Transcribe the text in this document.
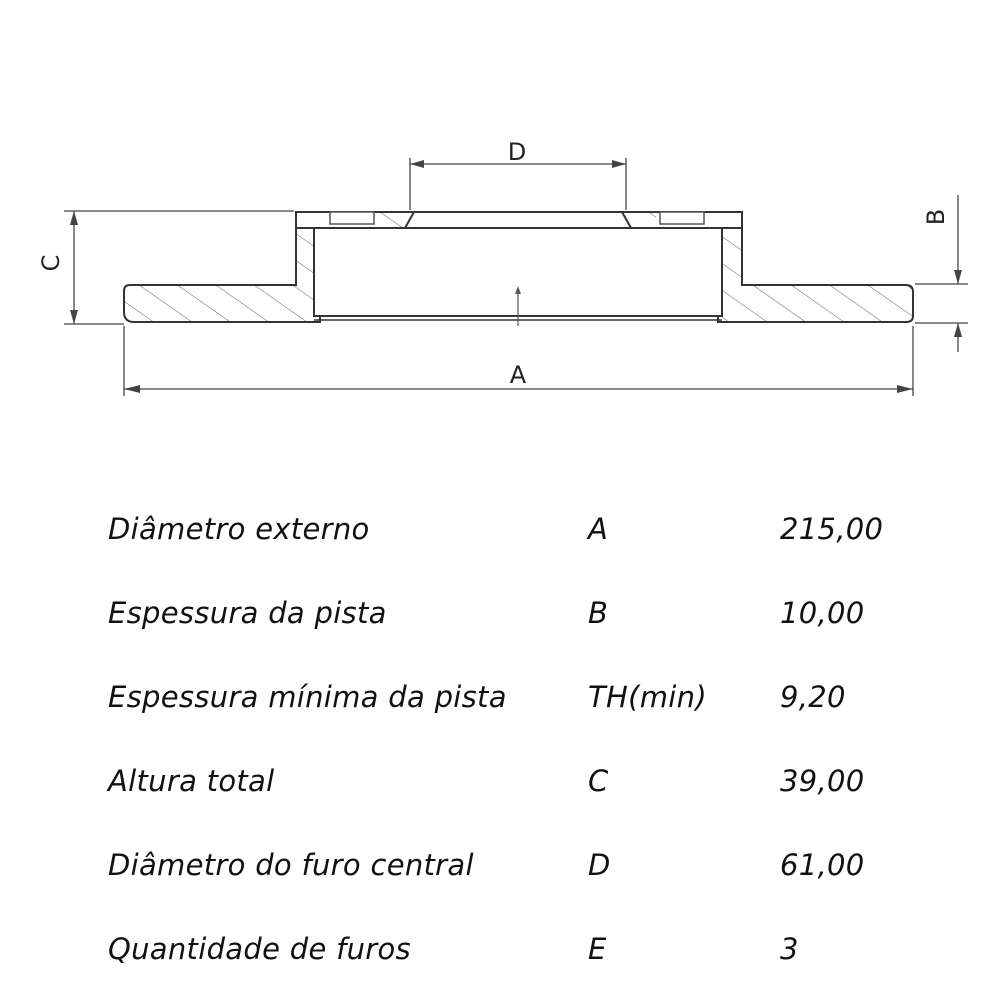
D
C
A
B
Diâmetro externo	A	215,00
Espessura da pista	B	10,00
Espessura mínima da pista	TH(min)	9,20
Altura total	C	39,00
Diâmetro do furo central	D	61,00
Quantidade de furos	E	3
